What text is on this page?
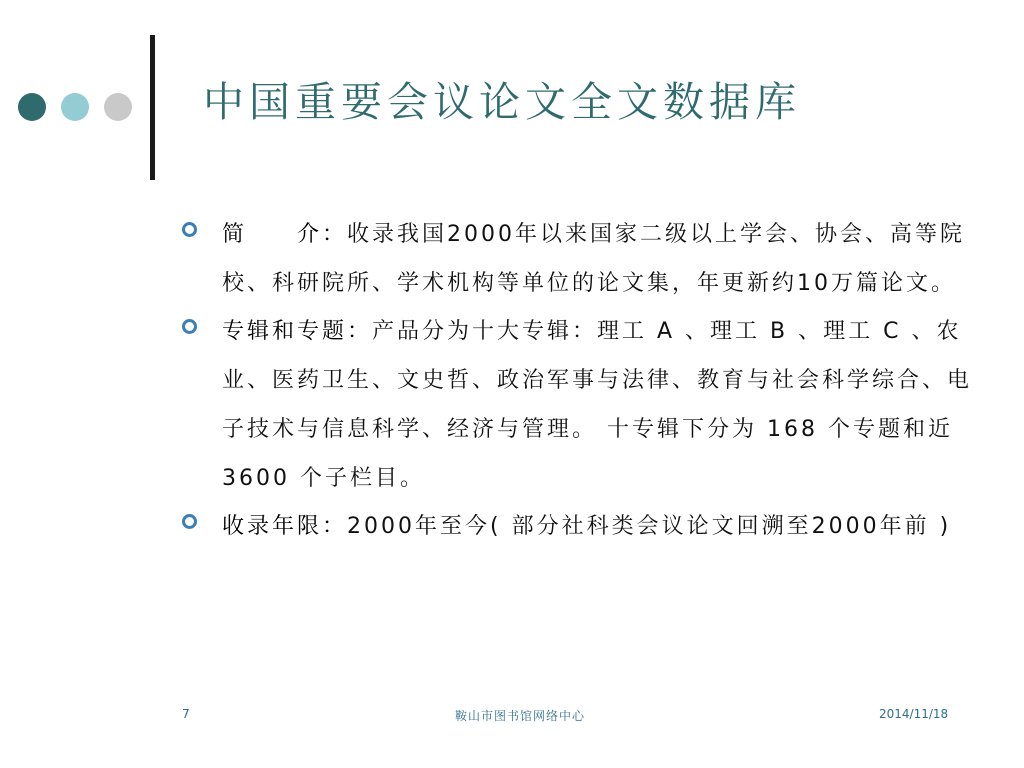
中国重要会议论文全文数据库
简　　介：收录我国2000年以来国家二级以上学会、协会、高等院校、科研院所、学术机构等单位的论文集，年更新约10万篇论文。
专辑和专题：产品分为十大专辑：理工 A 、理工 B 、理工 C 、农业、医药卫生、文史哲、政治军事与法律、教育与社会科学综合、电子技术与信息科学、经济与管理。 十专辑下分为 168 个专题和近 3600 个子栏目。
收录年限：2000年至今( 部分社科类会议论文回溯至2000年前 )
7	鞍山市图书馆网络中心	2014/11/18
